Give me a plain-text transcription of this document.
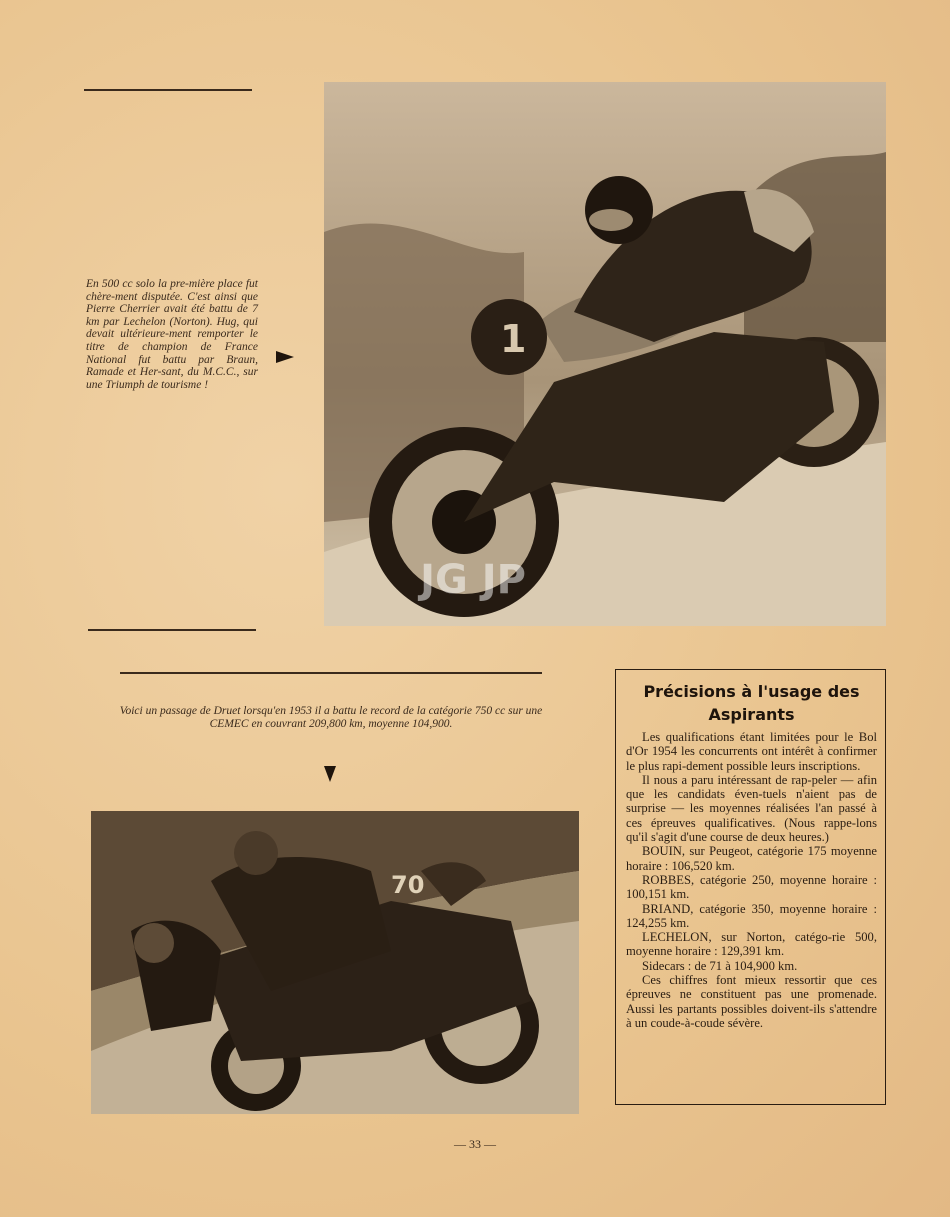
En 500 cc solo la pre-mière place fut chère-ment disputée. C'est ainsi que Pierre Cherrier avait été battu de 7 km par Lechelon (Norton). Hug, qui devait ultérieure-ment remporter le titre de champion de France National fut battu par Braun, Ramade et Her-sant, du M.C.C., sur une Triumph de tourisme !
1
JG JP
Voici un passage de Druet lorsqu'en 1953 il a battu le record de la catégorie 750 cc sur une CEMEC en couvrant 209,800 km, moyenne 104,900.
70
Précisions à l'usage des Aspirants

Les qualifications étant limitées pour le Bol d'Or 1954 les concurrents ont intérêt à confirmer le plus rapi-dement possible leurs inscriptions.

Il nous a paru intéressant de rap-peler — afin que les candidats éven-tuels n'aient pas de surprise — les moyennes réalisées l'an passé à ces épreuves qualificatives. (Nous rappe-lons qu'il s'agit d'une course de deux heures.)

BOUIN, sur Peugeot, catégorie 175 moyenne horaire : 106,520 km.

ROBBES, catégorie 250, moyenne horaire : 100,151 km.

BRIAND, catégorie 350, moyenne horaire : 124,255 km.

LECHELON, sur Norton, catégo-rie 500, moyenne horaire : 129,391 km.

Sidecars : de 71 à 104,900 km.

Ces chiffres font mieux ressortir que ces épreuves ne constituent pas une promenade. Aussi les partants possibles doivent-ils s'attendre à un coude-à-coude sévère.

— 33 —
